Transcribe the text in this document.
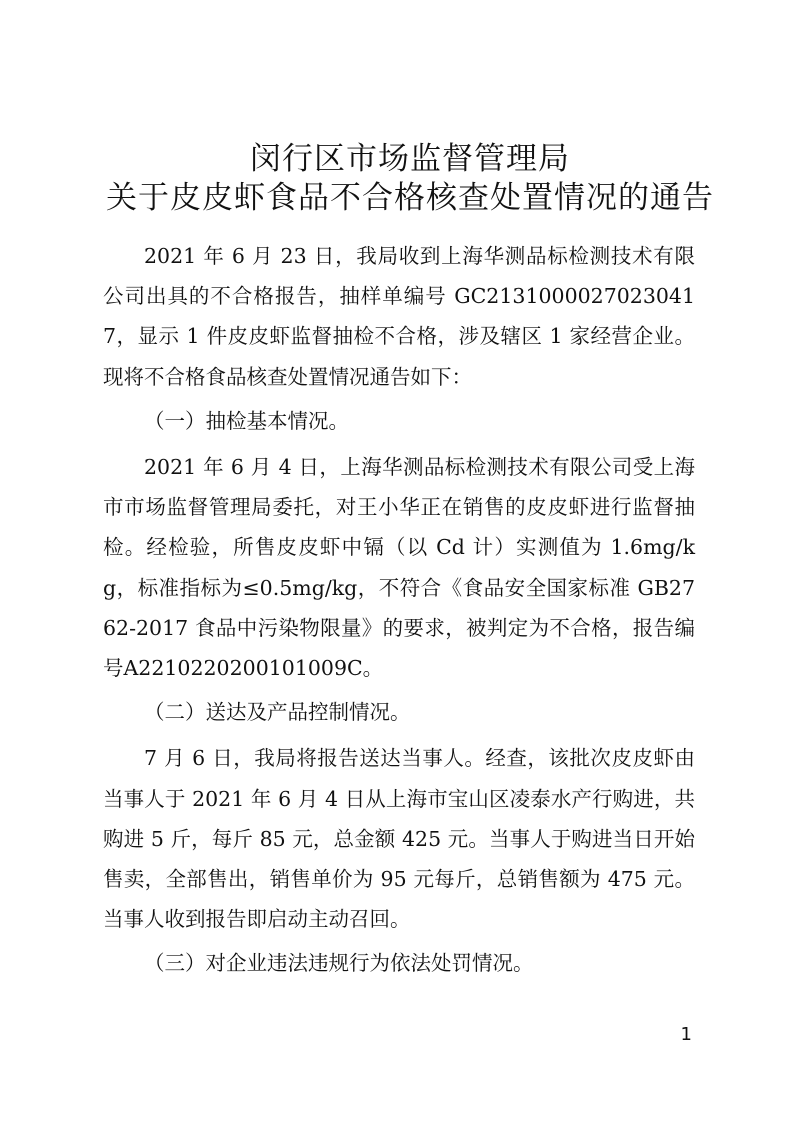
闵行区市场监督管理局
关于皮皮虾食品不合格核查处置情况的通告

2021 年 6 月 23 日，我局收到上海华测品标检测技术有限公司出具的不合格报告，抽样单编号 GC21310000270230417，显示 1 件皮皮虾监督抽检不合格，涉及辖区 1 家经营企业。现将不合格食品核查处置情况通告如下：

（一）抽检基本情况。

2021 年 6 月 4 日，上海华测品标检测技术有限公司受上海市市场监督管理局委托，对王小华正在销售的皮皮虾进行监督抽检。经检验，所售皮皮虾中镉（以 Cd 计）实测值为 1.6mg/kg，标准指标为≤0.5mg/kg，不符合《食品安全国家标准 GB2762-2017 食品中污染物限量》的要求，被判定为不合格，报告编号A2210220200101009C。

（二）送达及产品控制情况。

7 月 6 日，我局将报告送达当事人。经查，该批次皮皮虾由当事人于 2021 年 6 月 4 日从上海市宝山区凌泰水产行购进，共购进 5 斤，每斤 85 元，总金额 425 元。当事人于购进当日开始售卖，全部售出，销售单价为 95 元每斤，总销售额为 475 元。当事人收到报告即启动主动召回。

（三）对企业违法违规行为依法处罚情况。

1
